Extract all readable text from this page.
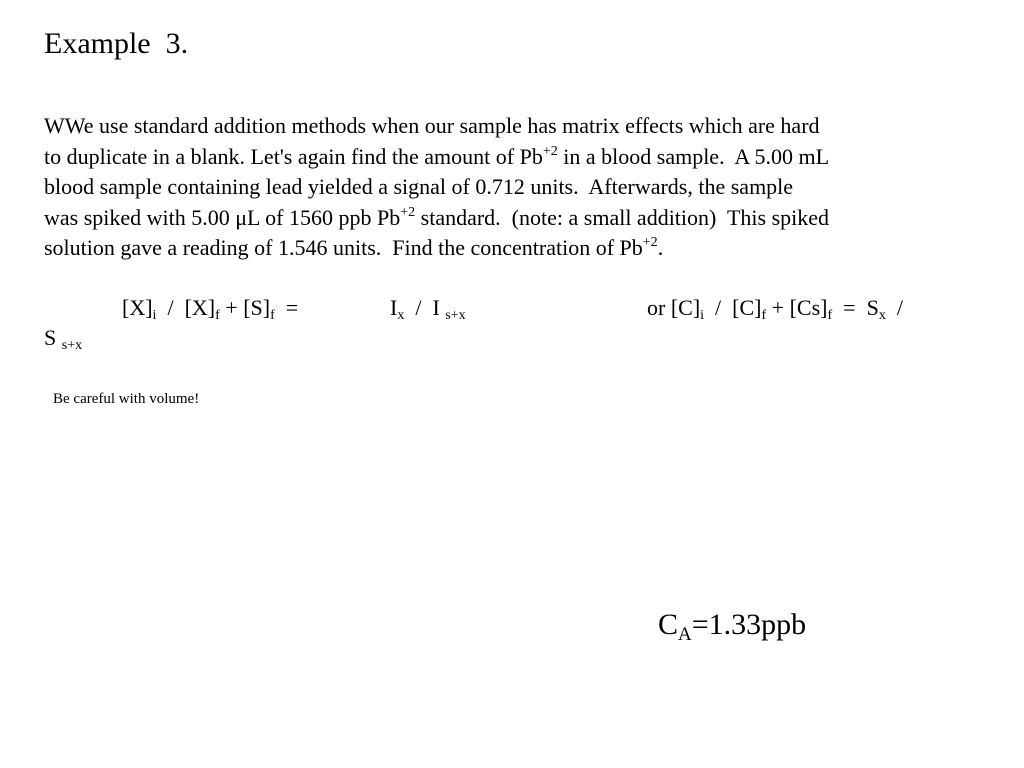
Example  3.
WWe use standard addition methods when our sample has matrix effects which are hard
to duplicate in a blank. Let's again find the amount of $Pb^{+2}$ in a blood sample.  A 5.00 mL
blood sample containing lead yielded a signal of 0.712 units.  Afterwards, the sample
was spiked with 5.00 μL of 1560 ppb $Pb^{+2}$ standard.  (note: a small addition)  This spiked
solution gave a reading of 1.546 units.  Find the concentration of $Pb^{+2}$.
$[X]_i / [X]_f + [S]_f$  =	$I_x$  /  I $_{s+x}$	or $[C]_i / [C]_f + [Cs]_f = S_x$  /
S $_{s+x}$
Be careful with volume!
$C_A=1.33ppb$
